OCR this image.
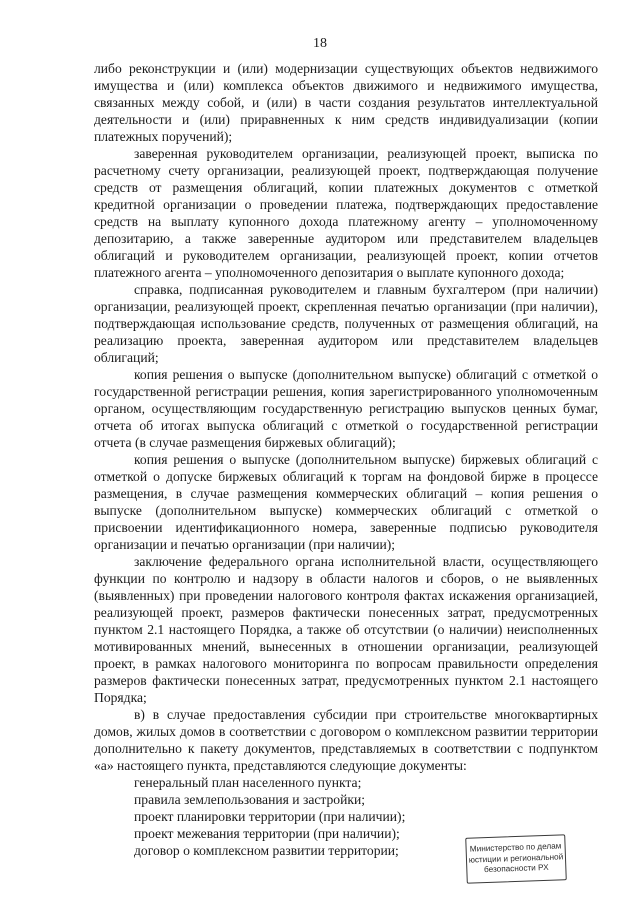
18

либо реконструкции и (или) модернизации существующих объектов недвижимого имущества и (или) комплекса объектов движимого и недвижимого имущества, связанных между собой, и (или) в части создания результатов интеллектуальной деятельности и (или) приравненных к ним средств индивидуализации (копии платежных поручений);

заверенная руководителем организации, реализующей проект, выписка по расчетному счету организации, реализующей проект, подтверждающая получение средств от размещения облигаций, копии платежных документов с отметкой кредитной организации о проведении платежа, подтверждающих предоставление средств на выплату купонного дохода платежному агенту – уполномоченному депозитарию, а также заверенные аудитором или представителем владельцев облигаций и руководителем организации, реализующей проект, копии отчетов платежного агента – уполномоченного депозитария о выплате купонного дохода;

справка, подписанная руководителем и главным бухгалтером (при наличии) организации, реализующей проект, скрепленная печатью организации (при наличии), подтверждающая использование средств, полученных от размещения облигаций, на реализацию проекта, заверенная аудитором или представителем владельцев облигаций;

копия решения о выпуске (дополнительном выпуске) облигаций с отметкой о государственной регистрации решения, копия зарегистрированного уполномоченным органом, осуществляющим государственную регистрацию выпусков ценных бумаг, отчета об итогах выпуска облигаций с отметкой о государственной регистрации отчета (в случае размещения биржевых облигаций);

копия решения о выпуске (дополнительном выпуске) биржевых облигаций с отметкой о допуске биржевых облигаций к торгам на фондовой бирже в процессе размещения, в случае размещения коммерческих облигаций – копия решения о выпуске (дополнительном выпуске) коммерческих облигаций с отметкой о присвоении идентификационного номера, заверенные подписью руководителя организации и печатью организации (при наличии);

заключение федерального органа исполнительной власти, осуществляющего функции по контролю и надзору в области налогов и сборов, о не выявленных (выявленных) при проведении налогового контроля фактах искажения организацией, реализующей проект, размеров фактически понесенных затрат, предусмотренных пунктом 2.1 настоящего Порядка, а также об отсутствии (о наличии) неисполненных мотивированных мнений, вынесенных в отношении организации, реализующей проект, в рамках налогового мониторинга по вопросам правильности определения размеров фактически понесенных затрат, предусмотренных пунктом 2.1 настоящего Порядка;

в) в случае предоставления субсидии при строительстве многоквартирных домов, жилых домов в соответствии с договором о комплексном развитии территории дополнительно к пакету документов, представляемых в соответствии с подпунктом «а» настоящего пункта, представляются следующие документы:

генеральный план населенного пункта;

правила землепользования и застройки;

проект планировки территории (при наличии);

проект межевания территории (при наличии);

договор о комплексном развитии территории;	Министерство по делам
юстиции и региональной
безопасности РХ
